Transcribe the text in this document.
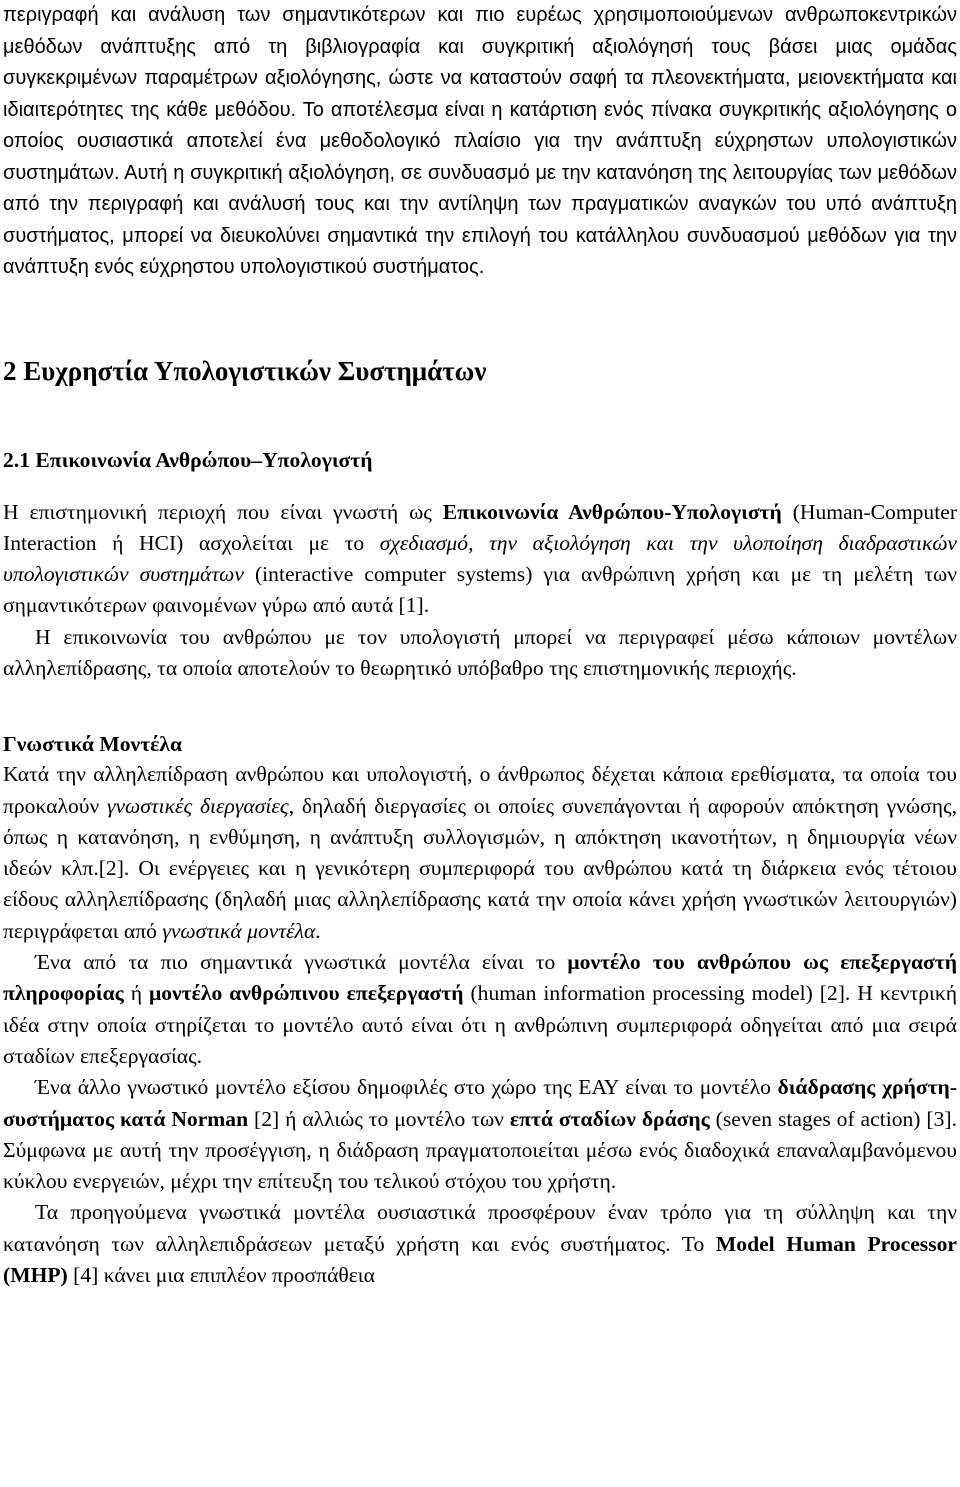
περιγραφή και ανάλυση των σημαντικότερων και πιο ευρέως χρησιμοποιούμενων ανθρωποκεντρικών μεθόδων ανάπτυξης από τη βιβλιογραφία και συγκριτική αξιολόγησή τους βάσει μιας ομάδας συγκεκριμένων παραμέτρων αξιολόγησης, ώστε να καταστούν σαφή τα πλεονεκτήματα, μειονεκτήματα και ιδιαιτερότητες της κάθε μεθόδου. Το αποτέλεσμα είναι η κατάρτιση ενός πίνακα συγκριτικής αξιολόγησης ο οποίος ουσιαστικά αποτελεί ένα μεθοδολογικό πλαίσιο για την ανάπτυξη εύχρηστων υπολογιστικών συστημάτων. Αυτή η συγκριτική αξιολόγηση, σε συνδυασμό με την κατανόηση της λειτουργίας των μεθόδων από την περιγραφή και ανάλυσή τους και την αντίληψη των πραγματικών αναγκών του υπό ανάπτυξη συστήματος, μπορεί να διευκολύνει σημαντικά την επιλογή του κατάλληλου συνδυασμού μεθόδων για την ανάπτυξη ενός εύχρηστου υπολογιστικού συστήματος.

2 Ευχρηστία Υπολογιστικών Συστημάτων
2.1 Επικοινωνία Ανθρώπου–Υπολογιστή

Η επιστημονική περιοχή που είναι γνωστή ως Επικοινωνία Ανθρώπου-Υπολογιστή (Human-Computer Interaction ή HCI) ασχολείται με το σχεδιασμό, την αξιολόγηση και την υλοποίηση διαδραστικών υπολογιστικών συστημάτων (interactive computer systems) για ανθρώπινη χρήση και με τη μελέτη των σημαντικότερων φαινομένων γύρω από αυτά [1].

Η επικοινωνία του ανθρώπου με τον υπολογιστή μπορεί να περιγραφεί μέσω κάποιων μοντέλων αλληλεπίδρασης, τα οποία αποτελούν το θεωρητικό υπόβαθρο της επιστημονικής περιοχής.

Γνωστικά Μοντέλα

Κατά την αλληλεπίδραση ανθρώπου και υπολογιστή, ο άνθρωπος δέχεται κάποια ερεθίσματα, τα οποία του προκαλούν γνωστικές διεργασίες, δηλαδή διεργασίες οι οποίες συνεπάγονται ή αφορούν απόκτηση γνώσης, όπως η κατανόηση, η ενθύμηση, η ανάπτυξη συλλογισμών, η απόκτηση ικανοτήτων, η δημιουργία νέων ιδεών κλπ.[2]. Οι ενέργειες και η γενικότερη συμπεριφορά του ανθρώπου κατά τη διάρκεια ενός τέτοιου είδους αλληλεπίδρασης (δηλαδή μιας αλληλεπίδρασης κατά την οποία κάνει χρήση γνωστικών λειτουργιών) περιγράφεται από γνωστικά μοντέλα.

Ένα από τα πιο σημαντικά γνωστικά μοντέλα είναι το μοντέλο του ανθρώπου ως επεξεργαστή πληροφορίας ή μοντέλο ανθρώπινου επεξεργαστή (human information processing model) [2]. Η κεντρική ιδέα στην οποία στηρίζεται το μοντέλο αυτό είναι ότι η ανθρώπινη συμπεριφορά οδηγείται από μια σειρά σταδίων επεξεργασίας.

Ένα άλλο γνωστικό μοντέλο εξίσου δημοφιλές στο χώρο της ΕΑΥ είναι το μοντέλο διάδρασης χρήστη-συστήματος κατά Norman [2] ή αλλιώς το μοντέλο των επτά σταδίων δράσης (seven stages of action) [3]. Σύμφωνα με αυτή την προσέγγιση, η διάδραση πραγματοποιείται μέσω ενός διαδοχικά επαναλαμβανόμενου κύκλου ενεργειών, μέχρι την επίτευξη του τελικού στόχου του χρήστη.

Τα προηγούμενα γνωστικά μοντέλα ουσιαστικά προσφέρουν έναν τρόπο για τη σύλληψη και την κατανόηση των αλληλεπιδράσεων μεταξύ χρήστη και ενός συστήματος. Το Model Human Processor (MHP) [4] κάνει μια επιπλέον προσπάθεια
